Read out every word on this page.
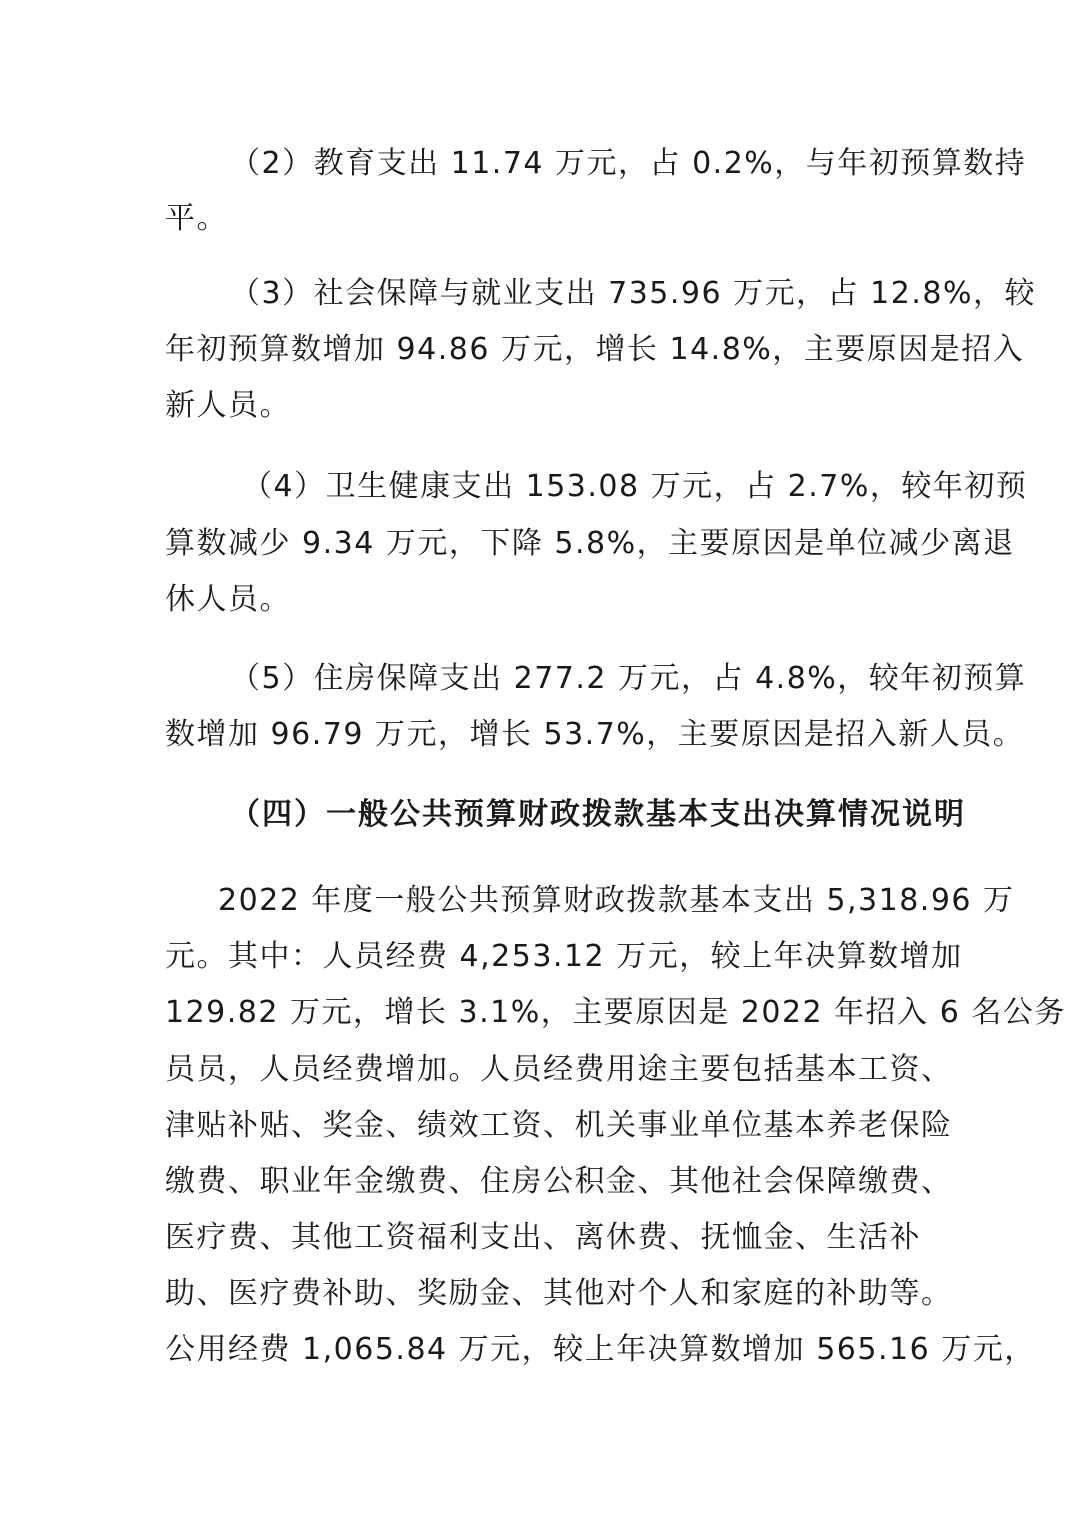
（2）教育支出 11.74 万元，占 0.2%，与年初预算数持
平。
（3）社会保障与就业支出 735.96 万元，占 12.8%，较
年初预算数增加 94.86 万元，增长 14.8%，主要原因是招入
新人员。
（4）卫生健康支出 153.08 万元，占 2.7%，较年初预
算数减少 9.34 万元，下降 5.8%，主要原因是单位减少离退
休人员。
（5）住房保障支出 277.2 万元，占 4.8%，较年初预算
数增加 96.79 万元，增长 53.7%，主要原因是招入新人员。
（四）一般公共预算财政拨款基本支出决算情况说明
2022 年度一般公共预算财政拨款基本支出 5,318.96 万
元。其中：人员经费 4,253.12 万元，较上年决算数增加
129.82 万元，增长 3.1%，主要原因是 2022 年招入 6 名公务
员员，人员经费增加。人员经费用途主要包括基本工资、
津贴补贴、奖金、绩效工资、机关事业单位基本养老保险
缴费、职业年金缴费、住房公积金、其他社会保障缴费、
医疗费、其他工资福利支出、离休费、抚恤金、生活补
助、医疗费补助、奖励金、其他对个人和家庭的补助等。
公用经费 1,065.84 万元，较上年决算数增加 565.16 万元，
